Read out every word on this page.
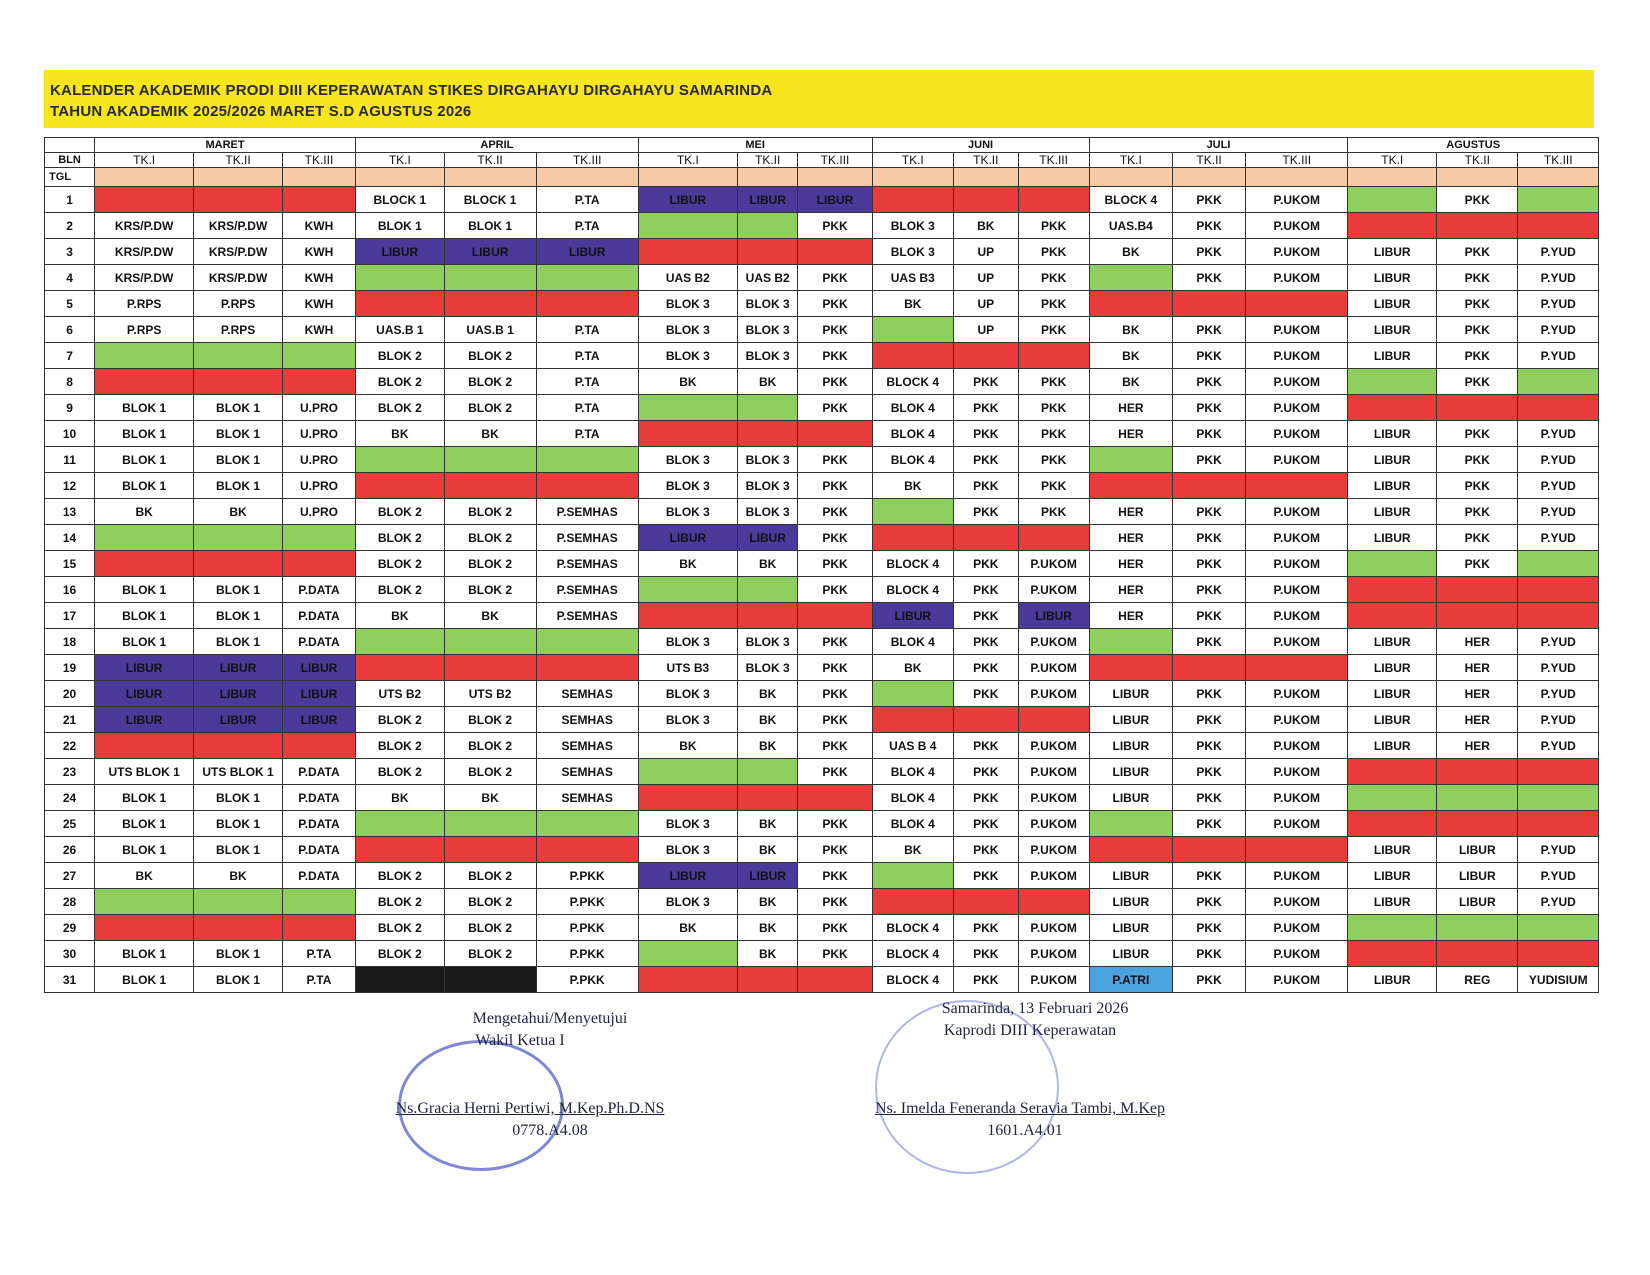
KALENDER AKADEMIK PRODI DIII KEPERAWATAN STIKES DIRGAHAYU DIRGAHAYU SAMARINDA
TAHUN AKADEMIK 2025/2026 MARET S.D AGUSTUS 2026
	MARET			APRIL			MEI			JUNI			JULI			AGUSTUS		
BLN	TK.I	TK.II	TK.III	TK.I	TK.II	TK.III	TK.I	TK.II	TK.III	TK.I	TK.II	TK.III	TK.I	TK.II	TK.III	TK.I	TK.II	TK.III
TGL																		
1				BLOCK 1	BLOCK 1	P.TA	LIBUR	LIBUR	LIBUR				BLOCK 4	PKK	P.UKOM		PKK	
2	KRS/P.DW	KRS/P.DW	KWH	BLOK 1	BLOK 1	P.TA			PKK	BLOK 3	BK	PKK	UAS.B4	PKK	P.UKOM			
3	KRS/P.DW	KRS/P.DW	KWH	LIBUR	LIBUR	LIBUR				BLOK 3	UP	PKK	BK	PKK	P.UKOM	LIBUR	PKK	P.YUD
4	KRS/P.DW	KRS/P.DW	KWH				UAS B2	UAS B2	PKK	UAS B3	UP	PKK		PKK	P.UKOM	LIBUR	PKK	P.YUD
5	P.RPS	P.RPS	KWH				BLOK 3	BLOK 3	PKK	BK	UP	PKK				LIBUR	PKK	P.YUD
6	P.RPS	P.RPS	KWH	UAS.B 1	UAS.B 1	P.TA	BLOK 3	BLOK 3	PKK		UP	PKK	BK	PKK	P.UKOM	LIBUR	PKK	P.YUD
7				BLOK 2	BLOK 2	P.TA	BLOK 3	BLOK 3	PKK				BK	PKK	P.UKOM	LIBUR	PKK	P.YUD
8				BLOK 2	BLOK 2	P.TA	BK	BK	PKK	BLOCK 4	PKK	PKK	BK	PKK	P.UKOM		PKK	
9	BLOK 1	BLOK 1	U.PRO	BLOK 2	BLOK 2	P.TA			PKK	BLOK 4	PKK	PKK	HER	PKK	P.UKOM			
10	BLOK 1	BLOK 1	U.PRO	BK	BK	P.TA				BLOK 4	PKK	PKK	HER	PKK	P.UKOM	LIBUR	PKK	P.YUD
11	BLOK 1	BLOK 1	U.PRO				BLOK 3	BLOK 3	PKK	BLOK 4	PKK	PKK		PKK	P.UKOM	LIBUR	PKK	P.YUD
12	BLOK 1	BLOK 1	U.PRO				BLOK 3	BLOK 3	PKK	BK	PKK	PKK				LIBUR	PKK	P.YUD
13	BK	BK	U.PRO	BLOK 2	BLOK 2	P.SEMHAS	BLOK 3	BLOK 3	PKK		PKK	PKK	HER	PKK	P.UKOM	LIBUR	PKK	P.YUD
14				BLOK 2	BLOK 2	P.SEMHAS	LIBUR	LIBUR	PKK				HER	PKK	P.UKOM	LIBUR	PKK	P.YUD
15				BLOK 2	BLOK 2	P.SEMHAS	BK	BK	PKK	BLOCK 4	PKK	P.UKOM	HER	PKK	P.UKOM		PKK	
16	BLOK 1	BLOK 1	P.DATA	BLOK 2	BLOK 2	P.SEMHAS			PKK	BLOCK 4	PKK	P.UKOM	HER	PKK	P.UKOM			
17	BLOK 1	BLOK 1	P.DATA	BK	BK	P.SEMHAS				LIBUR	PKK	LIBUR	HER	PKK	P.UKOM			
18	BLOK 1	BLOK 1	P.DATA				BLOK 3	BLOK 3	PKK	BLOK 4	PKK	P.UKOM		PKK	P.UKOM	LIBUR	HER	P.YUD
19	LIBUR	LIBUR	LIBUR				UTS B3	BLOK 3	PKK	BK	PKK	P.UKOM				LIBUR	HER	P.YUD
20	LIBUR	LIBUR	LIBUR	UTS B2	UTS B2	SEMHAS	BLOK 3	BK	PKK		PKK	P.UKOM	LIBUR	PKK	P.UKOM	LIBUR	HER	P.YUD
21	LIBUR	LIBUR	LIBUR	BLOK 2	BLOK 2	SEMHAS	BLOK 3	BK	PKK				LIBUR	PKK	P.UKOM	LIBUR	HER	P.YUD
22				BLOK 2	BLOK 2	SEMHAS	BK	BK	PKK	UAS B 4	PKK	P.UKOM	LIBUR	PKK	P.UKOM	LIBUR	HER	P.YUD
23	UTS BLOK 1	UTS BLOK 1	P.DATA	BLOK 2	BLOK 2	SEMHAS			PKK	BLOK 4	PKK	P.UKOM	LIBUR	PKK	P.UKOM			
24	BLOK 1	BLOK 1	P.DATA	BK	BK	SEMHAS				BLOK 4	PKK	P.UKOM	LIBUR	PKK	P.UKOM			
25	BLOK 1	BLOK 1	P.DATA				BLOK 3	BK	PKK	BLOK 4	PKK	P.UKOM		PKK	P.UKOM			
26	BLOK 1	BLOK 1	P.DATA				BLOK 3	BK	PKK	BK	PKK	P.UKOM				LIBUR	LIBUR	P.YUD
27	BK	BK	P.DATA	BLOK 2	BLOK 2	P.PKK	LIBUR	LIBUR	PKK		PKK	P.UKOM	LIBUR	PKK	P.UKOM	LIBUR	LIBUR	P.YUD
28				BLOK 2	BLOK 2	P.PKK	BLOK 3	BK	PKK				LIBUR	PKK	P.UKOM	LIBUR	LIBUR	P.YUD
29				BLOK 2	BLOK 2	P.PKK	BK	BK	PKK	BLOCK 4	PKK	P.UKOM	LIBUR	PKK	P.UKOM			
30	BLOK 1	BLOK 1	P.TA	BLOK 2	BLOK 2	P.PKK		BK	PKK	BLOCK 4	PKK	P.UKOM	LIBUR	PKK	P.UKOM			
31	BLOK 1	BLOK 1	P.TA			P.PKK				BLOCK 4	PKK	P.UKOM	P.ATRI	PKK	P.UKOM	LIBUR	REG	YUDISIUM
Mengetahui/Menyetujui
Wakil Ketua I
Ns.Gracia Herni Pertiwi, M.Kep.Ph.D.NS
0778.A4.08
Samarinda, 13 Februari 2026
Kaprodi DIII Keperawatan
Ns. Imelda Feneranda Seravia Tambi, M.Kep
1601.A4.01
